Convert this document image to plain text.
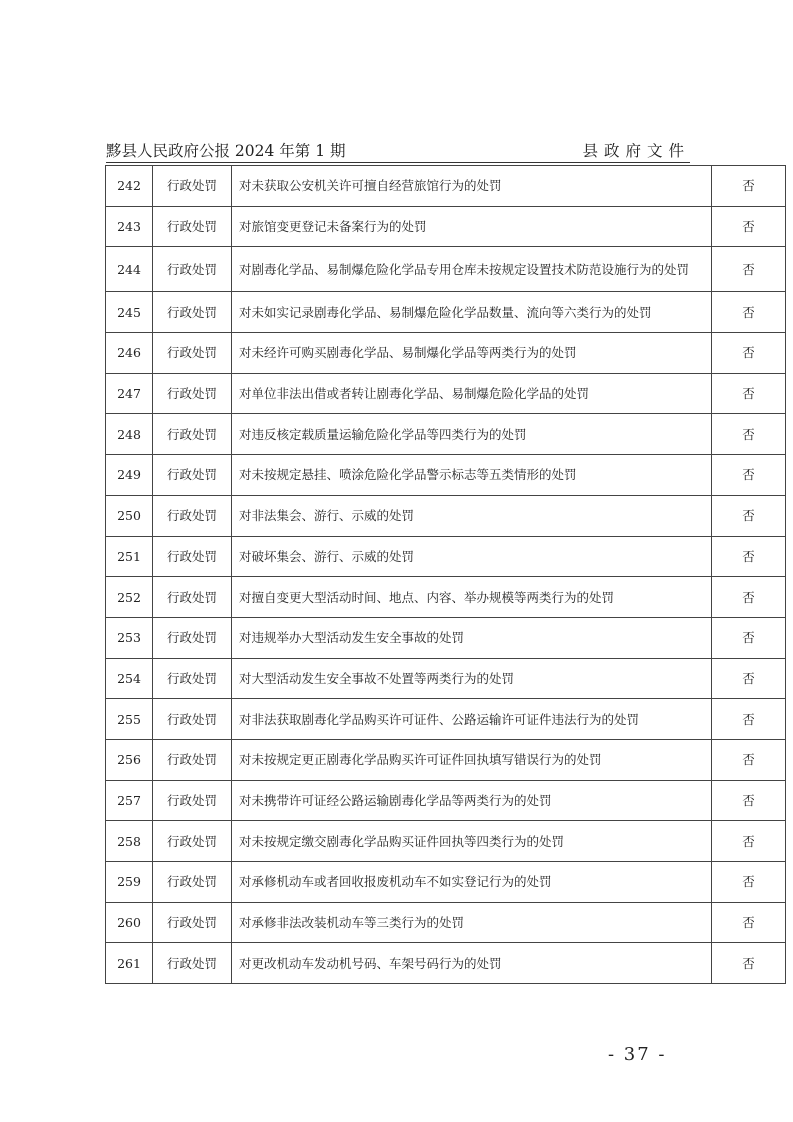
黟县人民政府公报 2024 年第 1 期	县政府文件
242	行政处罚	对未获取公安机关许可擅自经营旅馆行为的处罚	否
243	行政处罚	对旅馆变更登记未备案行为的处罚	否
244	行政处罚	对剧毒化学品、易制爆危险化学品专用仓库未按规定设置技术防范设施行为的处罚	否
245	行政处罚	对未如实记录剧毒化学品、易制爆危险化学品数量、流向等六类行为的处罚	否
246	行政处罚	对未经许可购买剧毒化学品、易制爆化学品等两类行为的处罚	否
247	行政处罚	对单位非法出借或者转让剧毒化学品、易制爆危险化学品的处罚	否
248	行政处罚	对违反核定载质量运输危险化学品等四类行为的处罚	否
249	行政处罚	对未按规定悬挂、喷涂危险化学品警示标志等五类情形的处罚	否
250	行政处罚	对非法集会、游行、示威的处罚	否
251	行政处罚	对破坏集会、游行、示威的处罚	否
252	行政处罚	对擅自变更大型活动时间、地点、内容、举办规模等两类行为的处罚	否
253	行政处罚	对违规举办大型活动发生安全事故的处罚	否
254	行政处罚	对大型活动发生安全事故不处置等两类行为的处罚	否
255	行政处罚	对非法获取剧毒化学品购买许可证件、公路运输许可证件违法行为的处罚	否
256	行政处罚	对未按规定更正剧毒化学品购买许可证件回执填写错误行为的处罚	否
257	行政处罚	对未携带许可证经公路运输剧毒化学品等两类行为的处罚	否
258	行政处罚	对未按规定缴交剧毒化学品购买证件回执等四类行为的处罚	否
259	行政处罚	对承修机动车或者回收报废机动车不如实登记行为的处罚	否
260	行政处罚	对承修非法改装机动车等三类行为的处罚	否
261	行政处罚	对更改机动车发动机号码、车架号码行为的处罚	否
- 37 -
